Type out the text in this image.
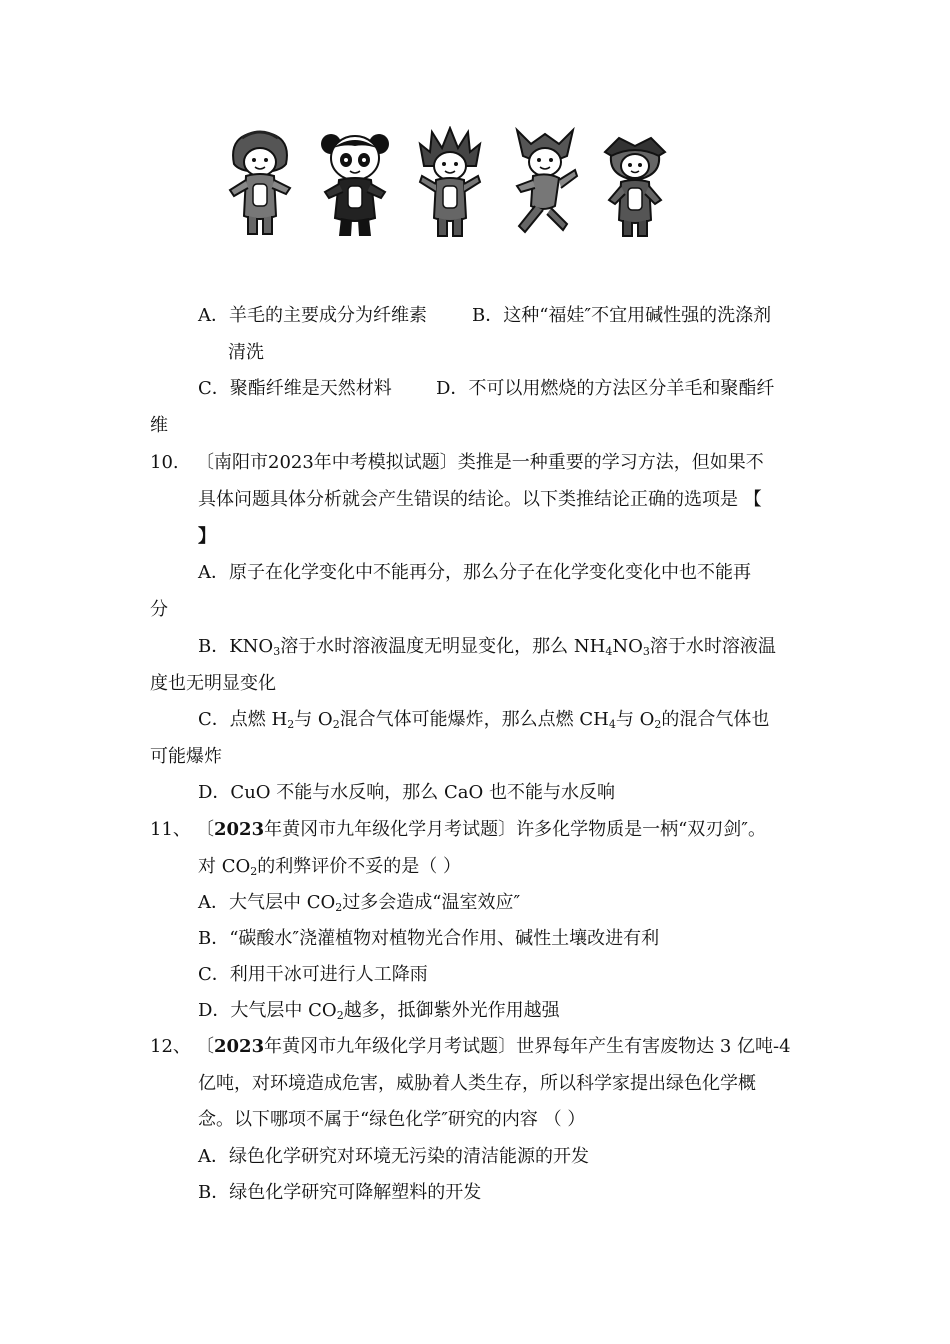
A．羊毛的主要成分为纤维素	B．这种“福娃″不宜用碱性强的洗涤剂
清洗
C．聚酯纤维是天然材料 D．不可以用燃烧的方法区分羊毛和聚酯纤
维
10. 〔南阳市2023年中考模拟试题〕类推是一种重要的学习方法，但如果不
具体问题具体分析就会产生错误的结论。以下类推结论正确的选项是 【
】
A．原子在化学变化中不能再分，那么分子在化学变化变化中也不能再
分
B．$KNO_3$溶于水时溶液温度无明显变化，那么 $NH_4NO_3$溶于水时溶液温
度也无明显变化
C．点燃 $H_2$与 $O_2$混合气体可能爆炸，那么点燃 $CH_4$与 $O_2$的混合气体也
可能爆炸
D．CuO 不能与水反响，那么 CaO 也不能与水反响
11、 〔2023年黄冈市九年级化学月考试题〕许多化学物质是一柄“双刃剑″。
对 $CO_2$的利弊评价不妥的是（ ）
A．大气层中 $CO_2$过多会造成“温室效应″
B．“碳酸水″浇灌植物对植物光合作用、碱性土壤改进有利
C．利用干冰可进行人工降雨
D．大气层中 $CO_2$越多，抵御紫外光作用越强
12、 〔2023年黄冈市九年级化学月考试题〕世界每年产生有害废物达 3 亿吨-4
亿吨，对环境造成危害，威胁着人类生存，所以科学家提出绿色化学概
念。以下哪项不属于“绿色化学″研究的内容 （ ）
A．绿色化学研究对环境无污染的清洁能源的开发
B．绿色化学研究可降解塑料的开发
